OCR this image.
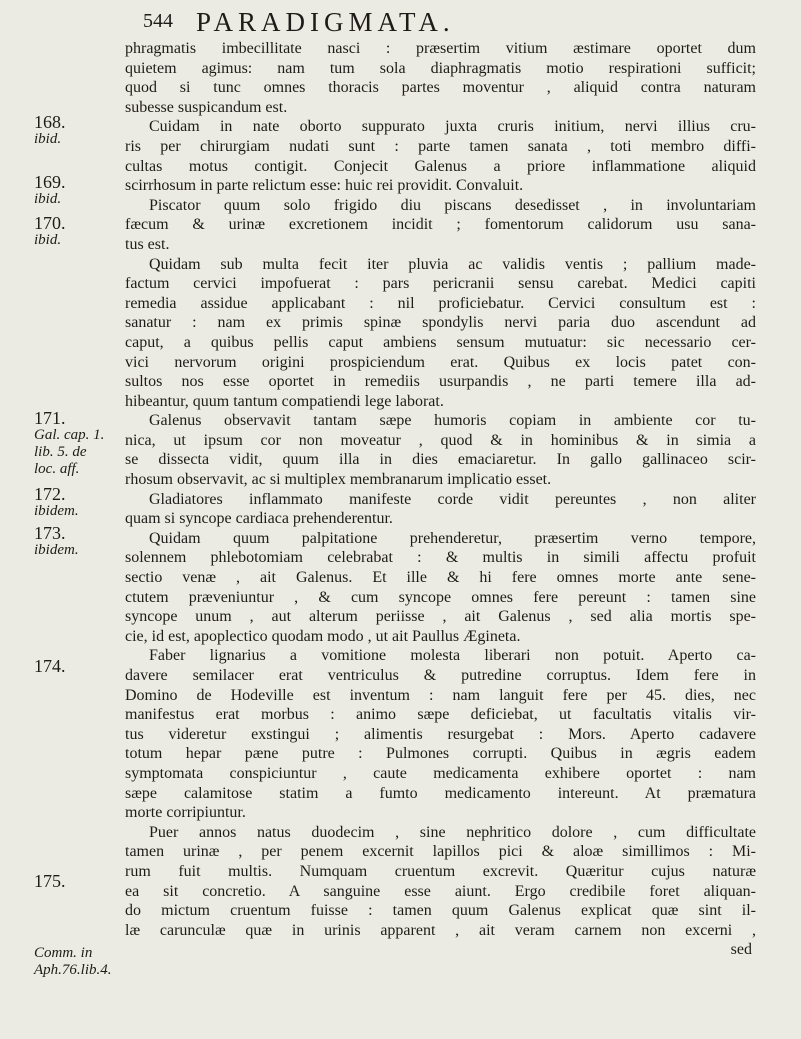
544 PARADIGMATA.
168.
ibid.
169.
ibid.
170.
ibid.
171.
Gal. cap. 1. lib. 5. de loc. aff.
172.
ibidem.
173.
ibidem.
174.
175.
Comm. in Aph.76.lib.4.
phragmatis imbecillitate nasci : præsertim vitium æstimare oportet dum
quietem agimus: nam tum sola diaphragmatis motio respirationi sufficit;
quod si tunc omnes thoracis partes moventur , aliquid contra naturam
subesse suspicandum est.
Cuidam in nate oborto suppurato juxta cruris initium, nervi illius cru-
ris per chirurgiam nudati sunt : parte tamen sanata , toti membro diffi-
cultas motus contigit. Conjecit Galenus a priore inflammatione aliquid
scirrhosum in parte relictum esse: huic rei providit. Convaluit.
Piscator quum solo frigido diu piscans desedisset , in involuntariam
fæcum & urinæ excretionem incidit ; fomentorum calidorum usu sana-
tus est.
Quidam sub multa fecit iter pluvia ac validis ventis ; pallium made-
factum cervici impofuerat : pars pericranii sensu carebat. Medici capiti
remedia assidue applicabant : nil proficiebatur. Cervici consultum est :
sanatur : nam ex primis spinæ spondylis nervi paria duo ascendunt ad
caput, a quibus pellis caput ambiens sensum mutuatur: sic necessario cer-
vici nervorum origini prospiciendum erat. Quibus ex locis patet con-
sultos nos esse oportet in remediis usurpandis , ne parti temere illa ad-
hibeantur, quum tantum compatiendi lege laborat.
Galenus observavit tantam sæpe humoris copiam in ambiente cor tu-
nica, ut ipsum cor non moveatur , quod & in hominibus & in simia a
se dissecta vidit, quum illa in dies emaciaretur. In gallo gallinaceo scir-
rhosum observavit, ac si multiplex membranarum implicatio esset.
Gladiatores inflammato manifeste corde vidit pereuntes , non aliter
quam si syncope cardiaca prehenderentur.
Quidam quum palpitatione prehenderetur, præsertim verno tempore,
solennem phlebotomiam celebrabat : & multis in simili affectu profuit
sectio venæ , ait Galenus. Et ille & hi fere omnes morte ante sene-
ctutem præveniuntur , & cum syncope omnes fere pereunt : tamen sine
syncope unum , aut alterum periisse , ait Galenus , sed alia mortis spe-
cie, id est, apoplectico quodam modo , ut ait Paullus Ægineta.
Faber lignarius a vomitione molesta liberari non potuit. Aperto ca-
davere semilacer erat ventriculus & putredine corruptus. Idem fere in
Domino de Hodeville est inventum : nam languit fere per 45. dies, nec
manifestus erat morbus : animo sæpe deficiebat, ut facultatis vitalis vir-
tus videretur exstingui ; alimentis resurgebat : Mors. Aperto cadavere
totum hepar pæne putre : Pulmones corrupti. Quibus in ægris eadem
symptomata conspiciuntur , caute medicamenta exhibere oportet : nam
sæpe calamitose statim a fumto medicamento intereunt. At præmatura
morte corripiuntur.
Puer annos natus duodecim , sine nephritico dolore , cum difficultate
tamen urinæ , per penem excernit lapillos pici & aloæ simillimos : Mi-
rum fuit multis. Numquam cruentum excrevit. Quæritur cujus naturæ
ea sit concretio. A sanguine esse aiunt. Ergo credibile foret aliquan-
do mictum cruentum fuisse : tamen quum Galenus explicat quæ sint il-
læ carunculæ quæ in urinis apparent , ait veram carnem non excerni ,
sed
